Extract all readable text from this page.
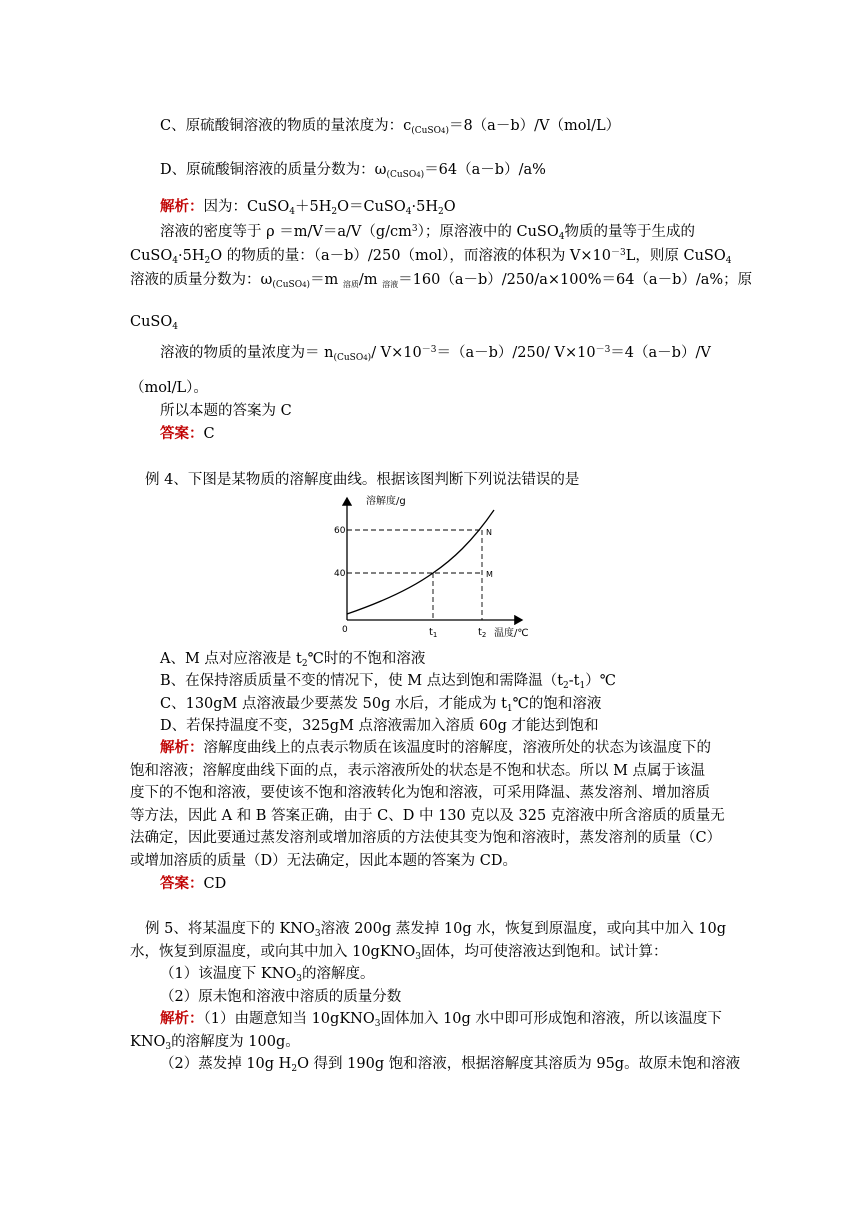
C、原硫酸铜溶液的物质的量浓度为：$c_{(CuSO4)}=8(a-b)/V(mol/L)$
D、原硫酸铜溶液的质量分数为：$\omega_{(CuSO4)}=64(a-b)/a\%$
解析：因为：$CuSO_4+5H_2O=CuSO_4\cdot 5H_2O$
溶液的密度等于 $\rho =m/V=a/V(g/cm^3)$；原溶液中的 CuSO$_4$物质的量等于生成的
$CuSO_4\cdot 5H_2O$ 的物质的量：（a－b）/250（mol），而溶液的体积为 $V\times 10^{-3}L$，则原 CuSO$_4$
溶液的质量分数为：$\omega_{(CuSO4)}=m$ $_{溶质}$/m $_{溶液}$＝160（a－b）/250/a×100%＝64（a－b）/a%；原
CuSO$_4$
溶液的物质的量浓度为＝ $n_{(CuSO4)}/$ $V\times 10^{-3}=(a-b)/250/$ $V\times 10^{-3}=4(a-b)/V$
（mol/L）。
所以本题的答案为 C
答案：C
例 4、下图是某物质的溶解度曲线。根据该图判断下列说法错误的是
溶解度/g
60
40
0	$t_1$	$t_2$
N
M
温度/℃
A、M 点对应溶液是 $t_2℃$时的不饱和溶液
B、在保持溶质质量不变的情况下，使 M 点达到饱和需降温$(t_2-t_1)℃$
C、130gM 点溶液最少要蒸发 50g 水后，才能成为 $t_1℃$的饱和溶液
D、若保持温度不变，325gM 点溶液需加入溶质 60g 才能达到饱和
解析：溶解度曲线上的点表示物质在该温度时的溶解度，溶液所处的状态为该温度下的
饱和溶液；溶解度曲线下面的点，表示溶液所处的状态是不饱和状态。所以 M 点属于该温
度下的不饱和溶液，要使该不饱和溶液转化为饱和溶液，可采用降温、蒸发溶剂、增加溶质
等方法，因此 A 和 B 答案正确，由于 C、D 中 130 克以及 325 克溶液中所含溶质的质量无
法确定，因此要通过蒸发溶剂或增加溶质的方法使其变为饱和溶液时，蒸发溶剂的质量（C）
或增加溶质的质量（D）无法确定，因此本题的答案为 CD。
答案：CD
例 5、将某温度下的 $KNO_3$溶液 200g 蒸发掉 10g 水，恢复到原温度，或向其中加入 10g
水，恢复到原温度，或向其中加入 10gKNO$_3$固体，均可使溶液达到饱和。试计算：
（1）该温度下 $KNO_3$的溶解度。
（2）原未饱和溶液中溶质的质量分数
解析：（1）由题意知当 10gKNO$_3$固体加入 10g 水中即可形成饱和溶液，所以该温度下
$KNO_3$的溶解度为 100g。
（2）蒸发掉 10g $H_2O$ 得到 190g 饱和溶液，根据溶解度其溶质为 95g。故原未饱和溶液
